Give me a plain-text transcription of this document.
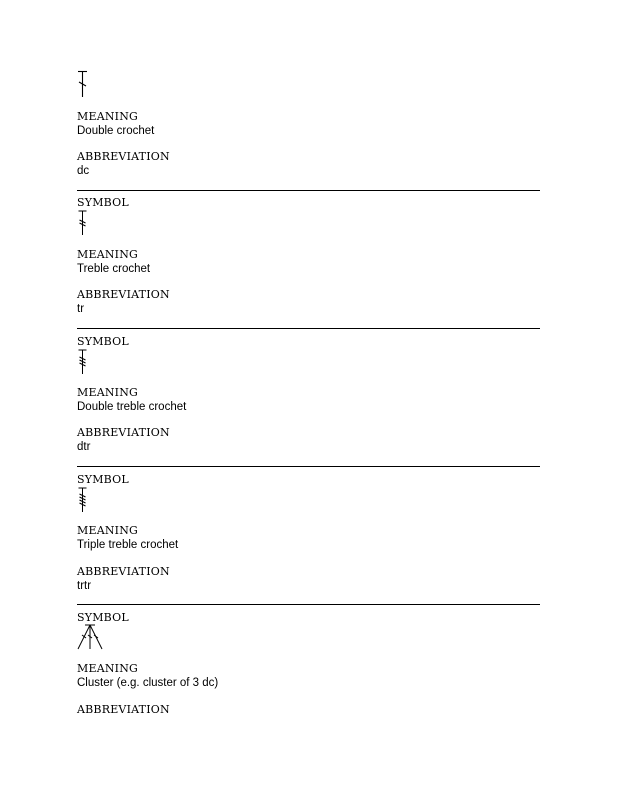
MEANING
Double crochet
ABBREVIATION
dc
SYMBOL
MEANING
Treble crochet
ABBREVIATION
tr
SYMBOL
MEANING
Double treble crochet
ABBREVIATION
dtr
SYMBOL
MEANING
Triple treble crochet
ABBREVIATION
trtr
SYMBOL
MEANING
Cluster (e.g. cluster of 3 dc)
ABBREVIATION
